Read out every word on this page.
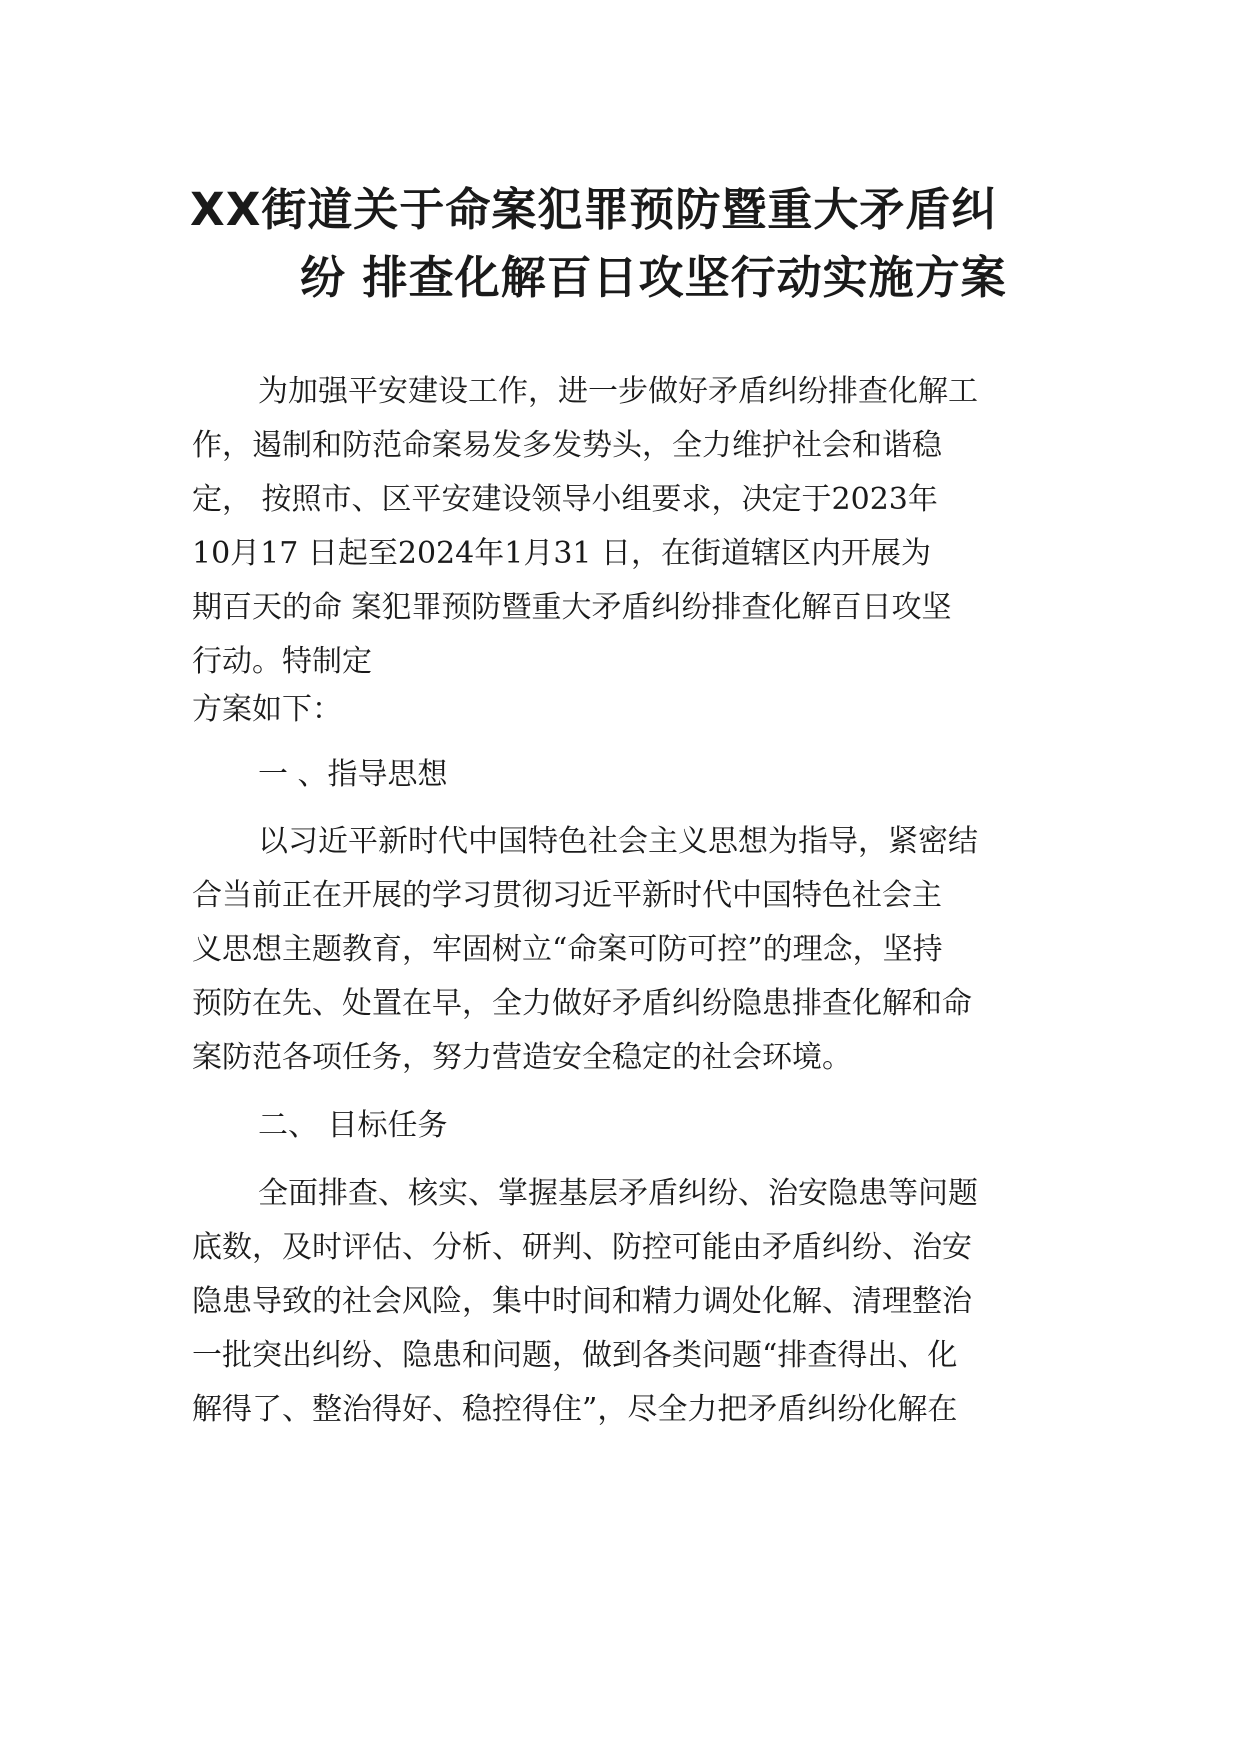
XX街道关于命案犯罪预防暨重大矛盾纠
纷 排查化解百日攻坚行动实施方案
为加强平安建设工作，进一步做好矛盾纠纷排查化解工
作，遏制和防范命案易发多发势头，全力维护社会和谐稳
定， 按照市、区平安建设领导小组要求，决定于2023年
10月17 日起至2024年1月31 日，在街道辖区内开展为
期百天的命 案犯罪预防暨重大矛盾纠纷排查化解百日攻坚
行动。特制定
方案如下：
一 、指导思想
以习近平新时代中国特色社会主义思想为指导，紧密结
合当前正在开展的学习贯彻习近平新时代中国特色社会主
义思想主题教育，牢固树立“命案可防可控”的理念，坚持
预防在先、处置在早，全力做好矛盾纠纷隐患排查化解和命
案防范各项任务，努力营造安全稳定的社会环境。
二、 目标任务
全面排查、核实、掌握基层矛盾纠纷、治安隐患等问题
底数，及时评估、分析、研判、防控可能由矛盾纠纷、治安
隐患导致的社会风险，集中时间和精力调处化解、清理整治
一批突出纠纷、隐患和问题，做到各类问题“排查得出、化
解得了、整治得好、稳控得住”，尽全力把矛盾纠纷化解在
